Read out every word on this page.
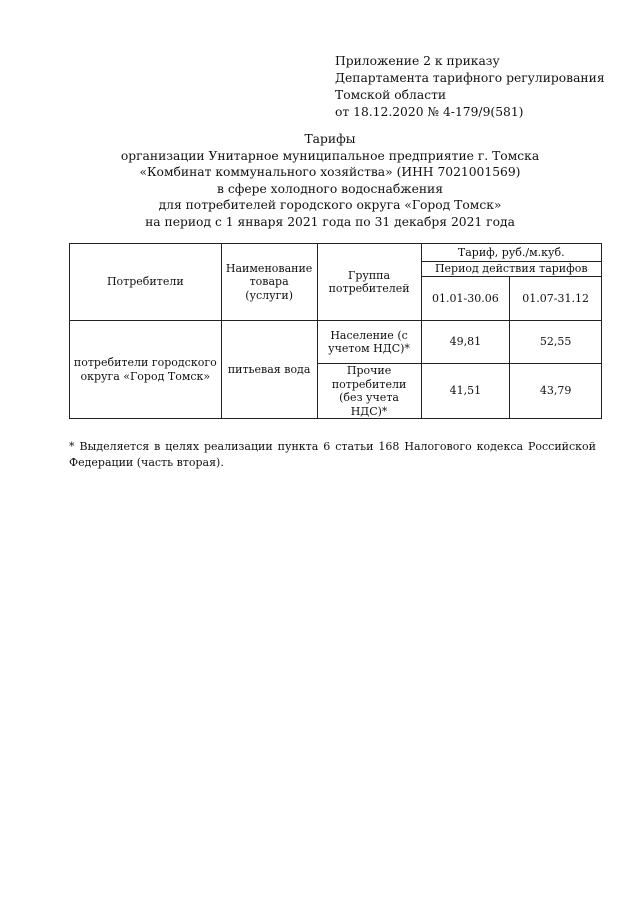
Приложение 2 к приказу
Департамента тарифного регулирования
Томской области
от 18.12.2020 № 4-179/9(581)
Тарифы
организации Унитарное муниципальное предприятие г. Томска
«Комбинат коммунального хозяйства» (ИНН 7021001569)
в сфере холодного водоснабжения
для потребителей городского округа «Город Томск»
на период с 1 января 2021 года по 31 декабря 2021 года
Потребители	Наименование товара (услуги)	Группа потребителей	Тариф, руб./м.куб.	
			Период действия тарифов	
			01.01-30.06	01.07-31.12
потребители городского округа «Город Томск»	питьевая вода	Население (с учетом НДС)*	49,81	52,55
		Прочие потребители (без учета НДС)*	41,51	43,79
* Выделяется в целях реализации пункта 6 статьи 168 Налогового кодекса Российской Федерации (часть вторая).
